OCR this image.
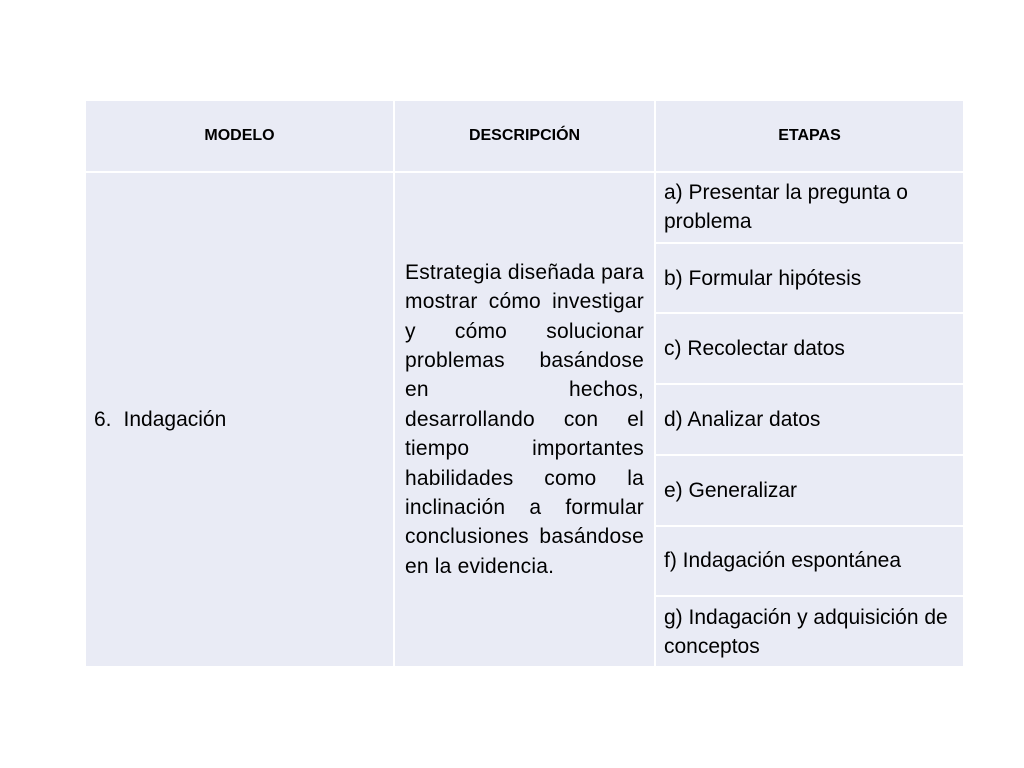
MODELO	DESCRIPCIÓN	ETAPAS
6. Indagación
Estrategia diseñada para mostrar cómo investigar y cómo solucionar problemas basándose en hechos, desarrollando con el tiempo importantes habilidades como la inclinación a formular conclusiones basándose en la evidencia.
a) Presentar la pregunta o problema
b) Formular hipótesis
c) Recolectar datos
d) Analizar datos
e) Generalizar
f) Indagación espontánea
g) Indagación y adquisición de conceptos
